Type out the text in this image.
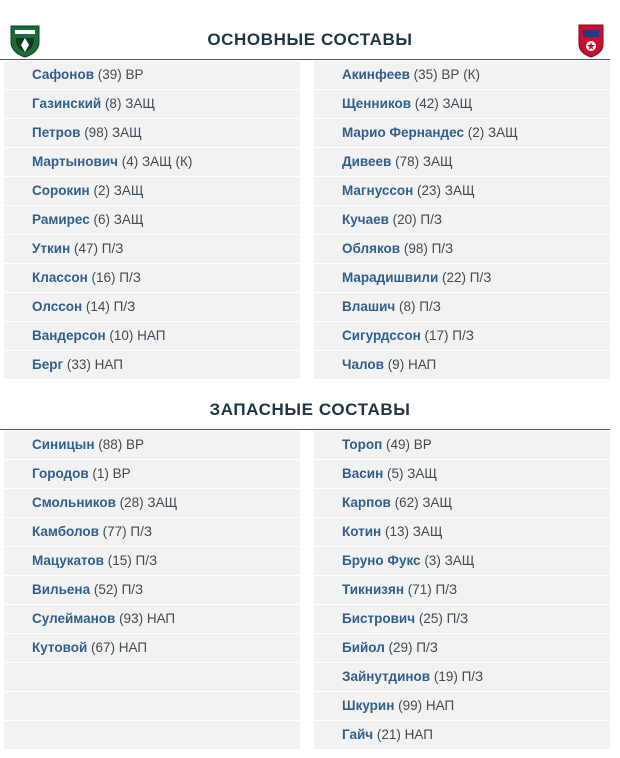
ОСНОВНЫЕ СОСТАВЫ
Сафонов (39) ВР
Газинский (8) ЗАЩ
Петров (98) ЗАЩ
Мартынович (4) ЗАЩ (К)
Сорокин (2) ЗАЩ
Рамирес (6) ЗАЩ
Уткин (47) П/З
Классон (16) П/З
Олссон (14) П/З
Вандерсон (10) НАП
Берг (33) НАП
Акинфеев (35) ВР (К)
Щенников (42) ЗАЩ
Марио Фернандес (2) ЗАЩ
Дивеев (78) ЗАЩ
Магнуссон (23) ЗАЩ
Кучаев (20) П/З
Обляков (98) П/З
Марадишвили (22) П/З
Влашич (8) П/З
Сигурдссон (17) П/З
Чалов (9) НАП
ЗАПАСНЫЕ СОСТАВЫ
Синицын (88) ВР
Городов (1) ВР
Смольников (28) ЗАЩ
Камболов (77) П/З
Мацукатов (15) П/З
Вильена (52) П/З
Сулейманов (93) НАП
Кутовой (67) НАП
Тороп (49) ВР
Васин (5) ЗАЩ
Карпов (62) ЗАЩ
Котин (13) ЗАЩ
Бруно Фукс (3) ЗАЩ
Тикнизян (71) П/З
Бистрович (25) П/З
Бийол (29) П/З
Зайнутдинов (19) П/З
Шкурин (99) НАП
Гайч (21) НАП
